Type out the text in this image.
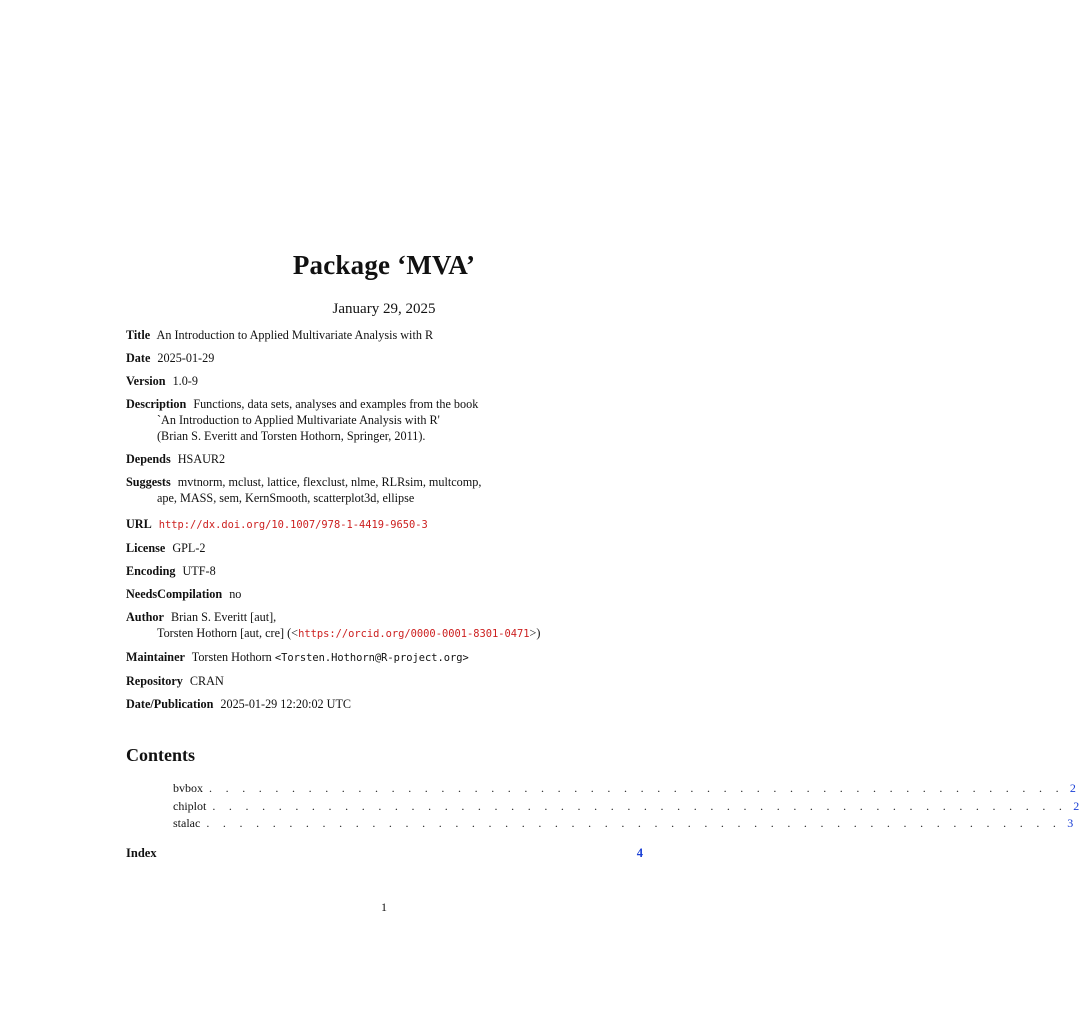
Package ‘MVA’
January 29, 2025
Title An Introduction to Applied Multivariate Analysis with R
Date 2025-01-29
Version 1.0-9
Description Functions, data sets, analyses and examples from the book
`An Introduction to Applied Multivariate Analysis with R'
(Brian S. Everitt and Torsten Hothorn, Springer, 2011).
Depends HSAUR2
Suggests mvtnorm, mclust, lattice, flexclust, nlme, RLRsim, multcomp,
ape, MASS, sem, KernSmooth, scatterplot3d, ellipse
URL http://dx.doi.org/10.1007/978-1-4419-9650-3
License GPL-2
Encoding UTF-8
NeedsCompilation no
Author Brian S. Everitt [aut],
Torsten Hothorn [aut, cre] (<https://orcid.org/0000-0001-8301-0471>)
Maintainer Torsten Hothorn <Torsten.Hothorn@R-project.org>
Repository CRAN
Date/Publication 2025-01-29 12:20:02 UTC
Contents
bvbox . . . . . . . . . . . . . . . . . . . . . . . . . . . . . . . . . . . . . . . . . . . . . . . . . . . . 2
chiplot . . . . . . . . . . . . . . . . . . . . . . . . . . . . . . . . . . . . . . . . . . . . . . . . . . . . 2
stalac . . . . . . . . . . . . . . . . . . . . . . . . . . . . . . . . . . . . . . . . . . . . . . . . . . . . 3
Index	4
1
